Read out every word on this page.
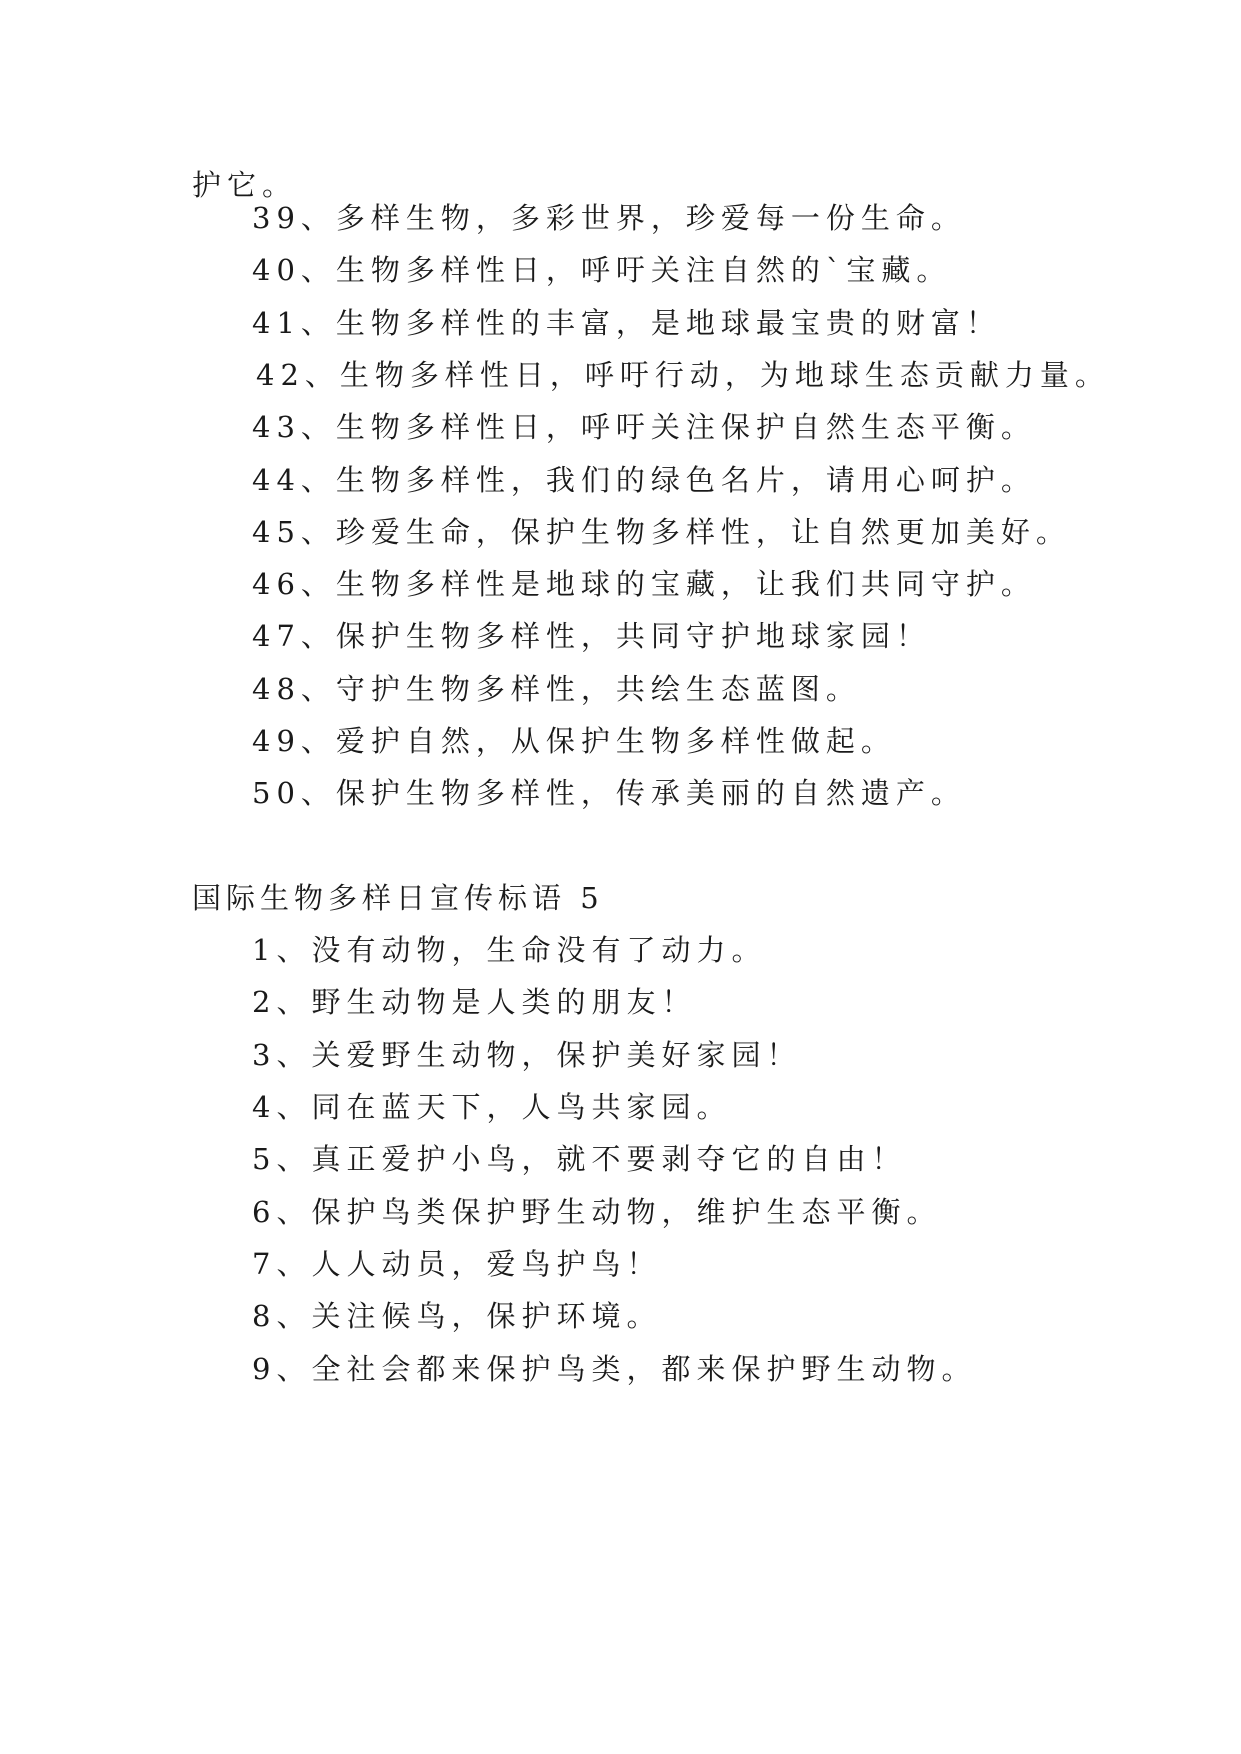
护它。
39、多样生物，多彩世界，珍爱每一份生命。
40、生物多样性日，呼吁关注自然的`宝藏。
41、生物多样性的丰富，是地球最宝贵的财富！
42、生物多样性日，呼吁行动，为地球生态贡献力量。
43、生物多样性日，呼吁关注保护自然生态平衡。
44、生物多样性，我们的绿色名片，请用心呵护。
45、珍爱生命，保护生物多样性，让自然更加美好。
46、生物多样性是地球的宝藏，让我们共同守护。
47、保护生物多样性，共同守护地球家园！
48、守护生物多样性，共绘生态蓝图。
49、爱护自然，从保护生物多样性做起。
50、保护生物多样性，传承美丽的自然遗产。
国际生物多样日宣传标语 5
1、没有动物，生命没有了动力。
2、野生动物是人类的朋友！
3、关爱野生动物，保护美好家园！
4、同在蓝天下，人鸟共家园。
5、真正爱护小鸟，就不要剥夺它的自由！
6、保护鸟类保护野生动物，维护生态平衡。
7、人人动员，爱鸟护鸟！
8、关注候鸟，保护环境。
9、全社会都来保护鸟类，都来保护野生动物。
